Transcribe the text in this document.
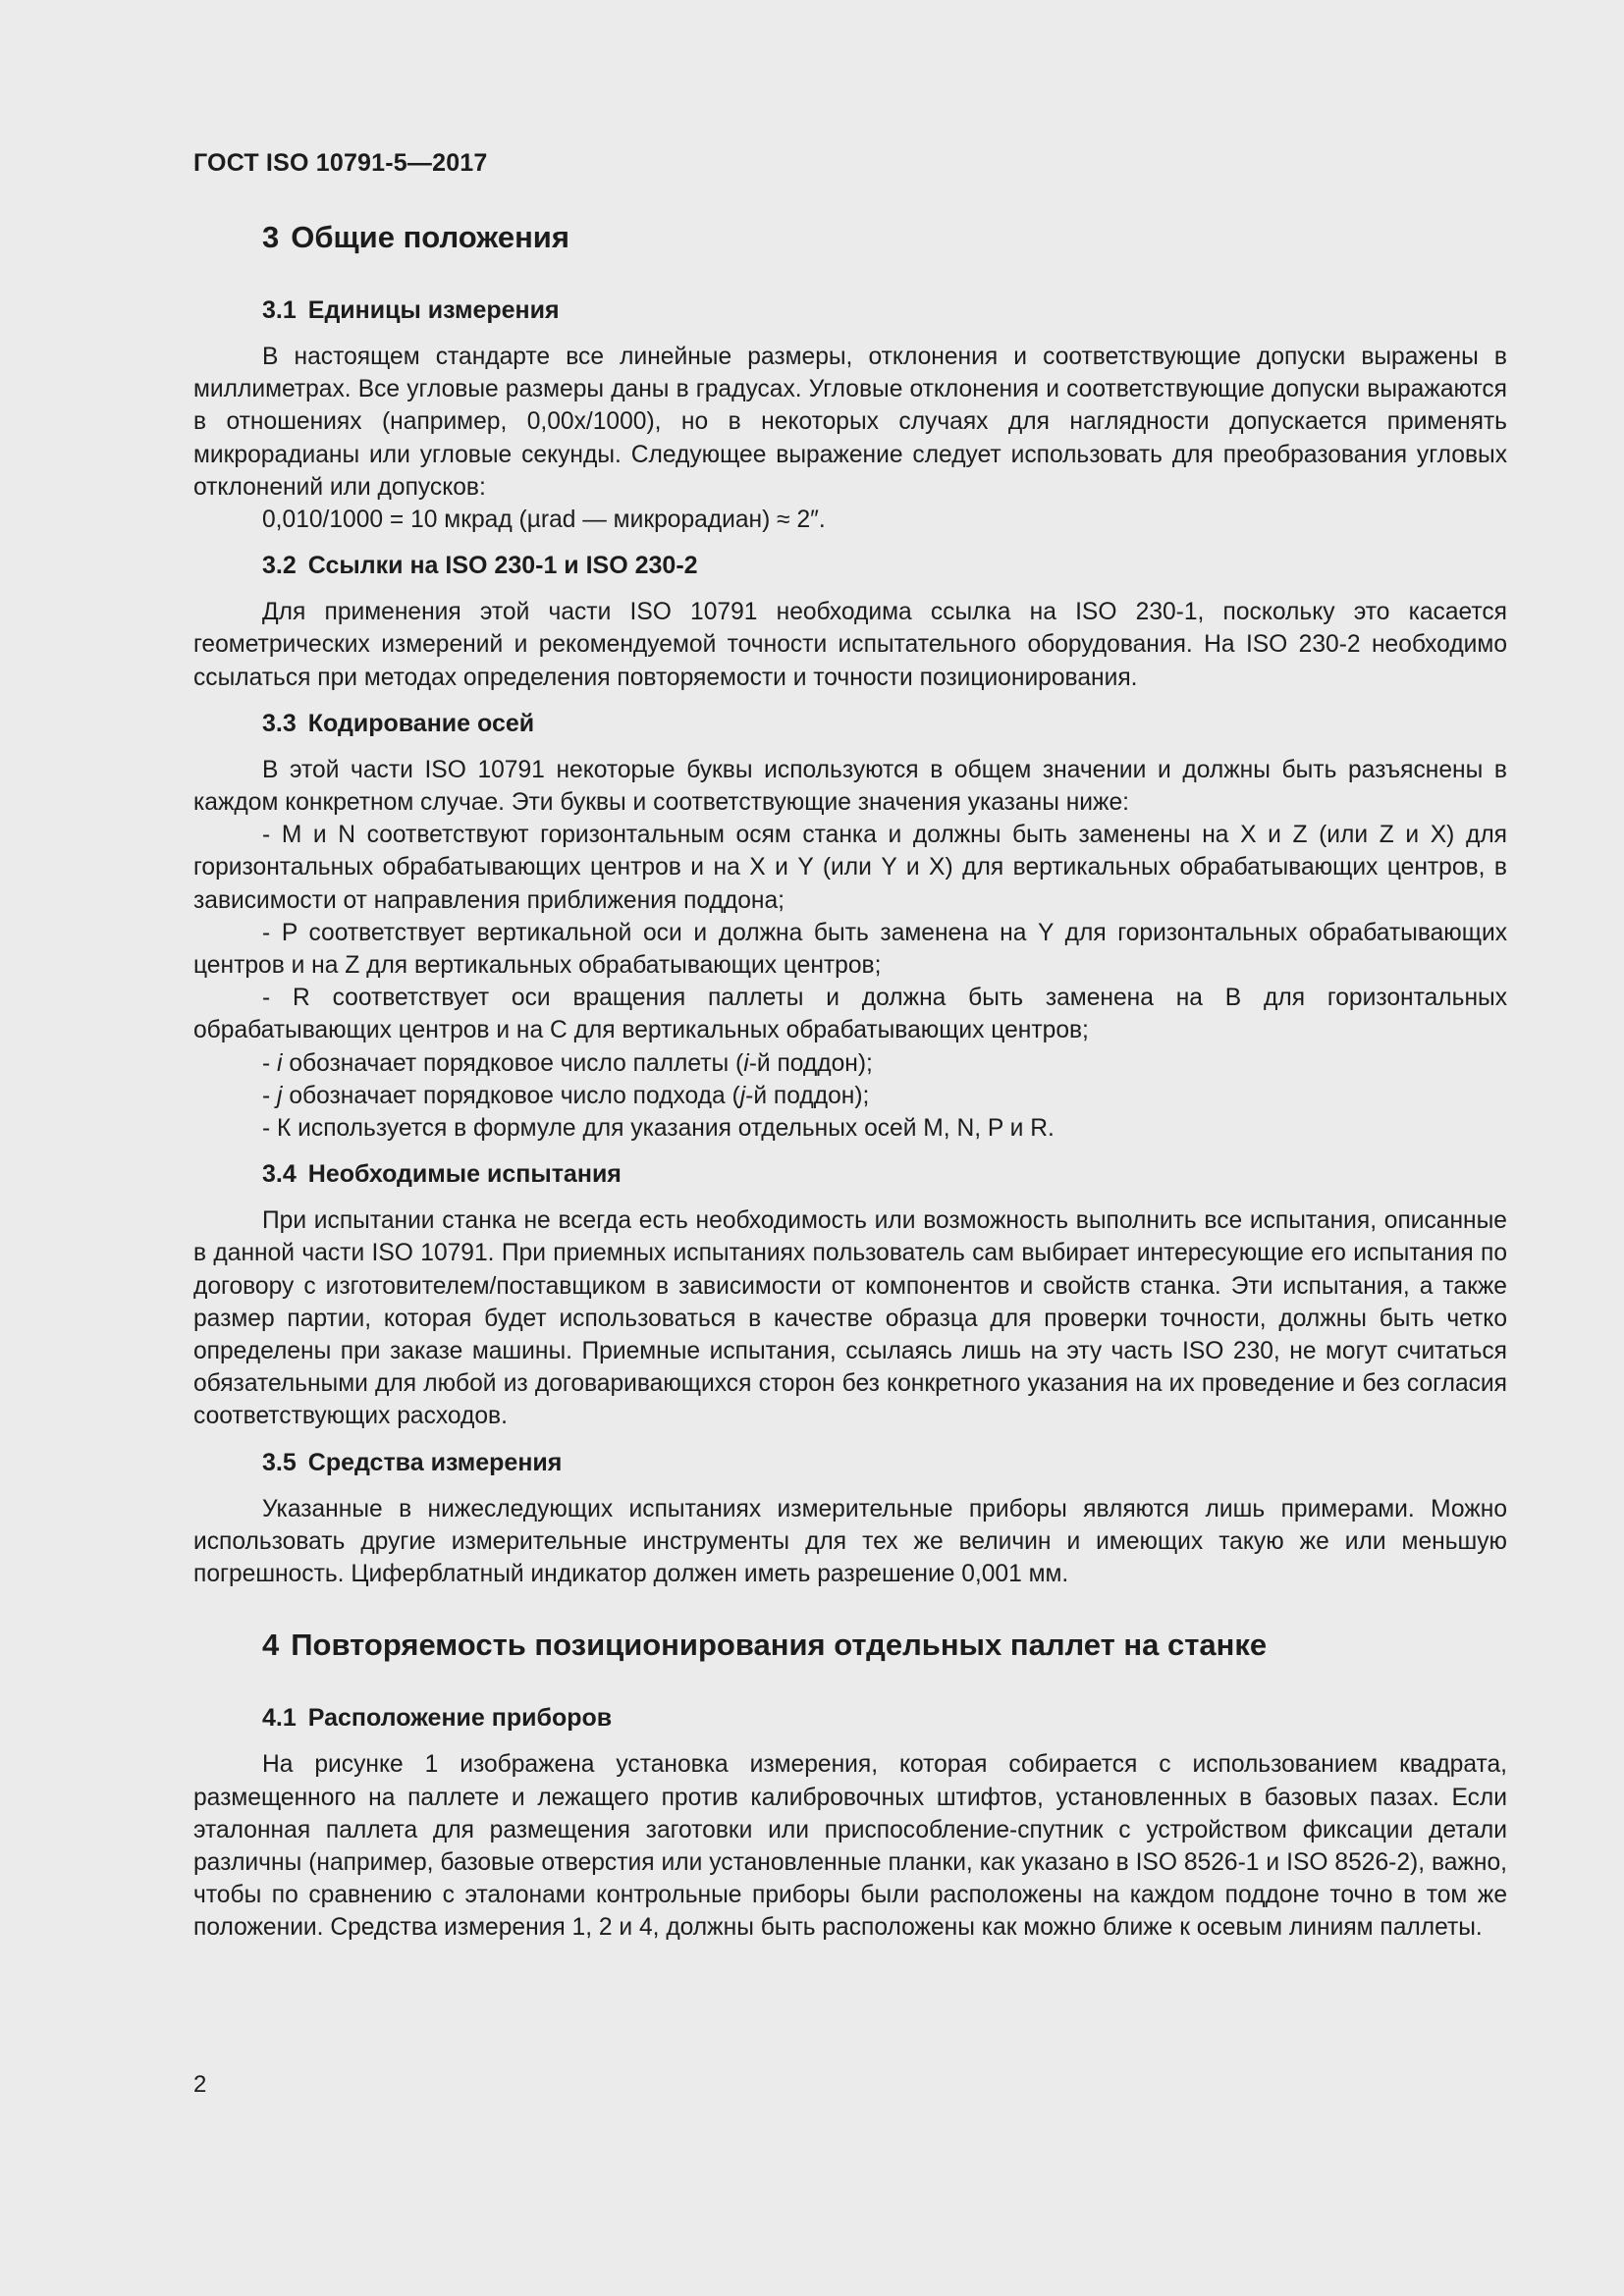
ГОСТ ISO 10791-5—2017
3 Общие положения
3.1 Единицы измерения

В настоящем стандарте все линейные размеры, отклонения и соответствующие допуски выражены в миллиметрах. Все угловые размеры даны в градусах. Угловые отклонения и соответствующие допуски выражаются в отношениях (например, 0,00х/1000), но в некоторых случаях для наглядности допускается применять микрорадианы или угловые секунды. Следующее выражение следует использовать для преобразования угловых отклонений или допусков:

0,010/1000 = 10 мкрад (µrad — микрорадиан) ≈ 2″.

3.2 Ссылки на ISO 230-1 и ISO 230-2

Для применения этой части ISO 10791 необходима ссылка на ISO 230-1, поскольку это касается геометрических измерений и рекомендуемой точности испытательного оборудования. На ISO 230-2 необходимо ссылаться при методах определения повторяемости и точности позиционирования.

3.3 Кодирование осей

В этой части ISO 10791 некоторые буквы используются в общем значении и должны быть разъяснены в каждом конкретном случае. Эти буквы и соответствующие значения указаны ниже:

- М и N соответствуют горизонтальным осям станка и должны быть заменены на X и Z (или Z и X) для горизонтальных обрабатывающих центров и на X и Y (или Y и X) для вертикальных обрабатывающих центров, в зависимости от направления приближения поддона;

- P соответствует вертикальной оси и должна быть заменена на Y для горизонтальных обрабатывающих центров и на Z для вертикальных обрабатывающих центров;

- R соответствует оси вращения паллеты и должна быть заменена на В для горизонтальных обрабатывающих центров и на С для вертикальных обрабатывающих центров;

- i обозначает порядковое число паллеты (i-й поддон);

- j обозначает порядковое число подхода (j-й поддон);

- К используется в формуле для указания отдельных осей М, N, P и R.

3.4 Необходимые испытания

При испытании станка не всегда есть необходимость или возможность выполнить все испытания, описанные в данной части ISO 10791. При приемных испытаниях пользователь сам выбирает интересующие его испытания по договору с изготовителем/поставщиком в зависимости от компонентов и свойств станка. Эти испытания, а также размер партии, которая будет использоваться в качестве образца для проверки точности, должны быть четко определены при заказе машины. Приемные испытания, ссылаясь лишь на эту часть ISO 230, не могут считаться обязательными для любой из договаривающихся сторон без конкретного указания на их проведение и без согласия соответствующих расходов.

3.5 Средства измерения

Указанные в нижеследующих испытаниях измерительные приборы являются лишь примерами. Можно использовать другие измерительные инструменты для тех же величин и имеющих такую же или меньшую погрешность. Циферблатный индикатор должен иметь разрешение 0,001 мм.

4 Повторяемость позиционирования отдельных паллет на станке
4.1 Расположение приборов

На рисунке 1 изображена установка измерения, которая собирается с использованием квадрата, размещенного на паллете и лежащего против калибровочных штифтов, установленных в базовых пазах. Если эталонная паллета для размещения заготовки или приспособление-спутник с устройством фиксации детали различны (например, базовые отверстия или установленные планки, как указано в ISO 8526-1 и ISO 8526-2), важно, чтобы по сравнению с эталонами контрольные приборы были расположены на каждом поддоне точно в том же положении. Средства измерения 1, 2 и 4, должны быть расположены как можно ближе к осевым линиям паллеты.

2
